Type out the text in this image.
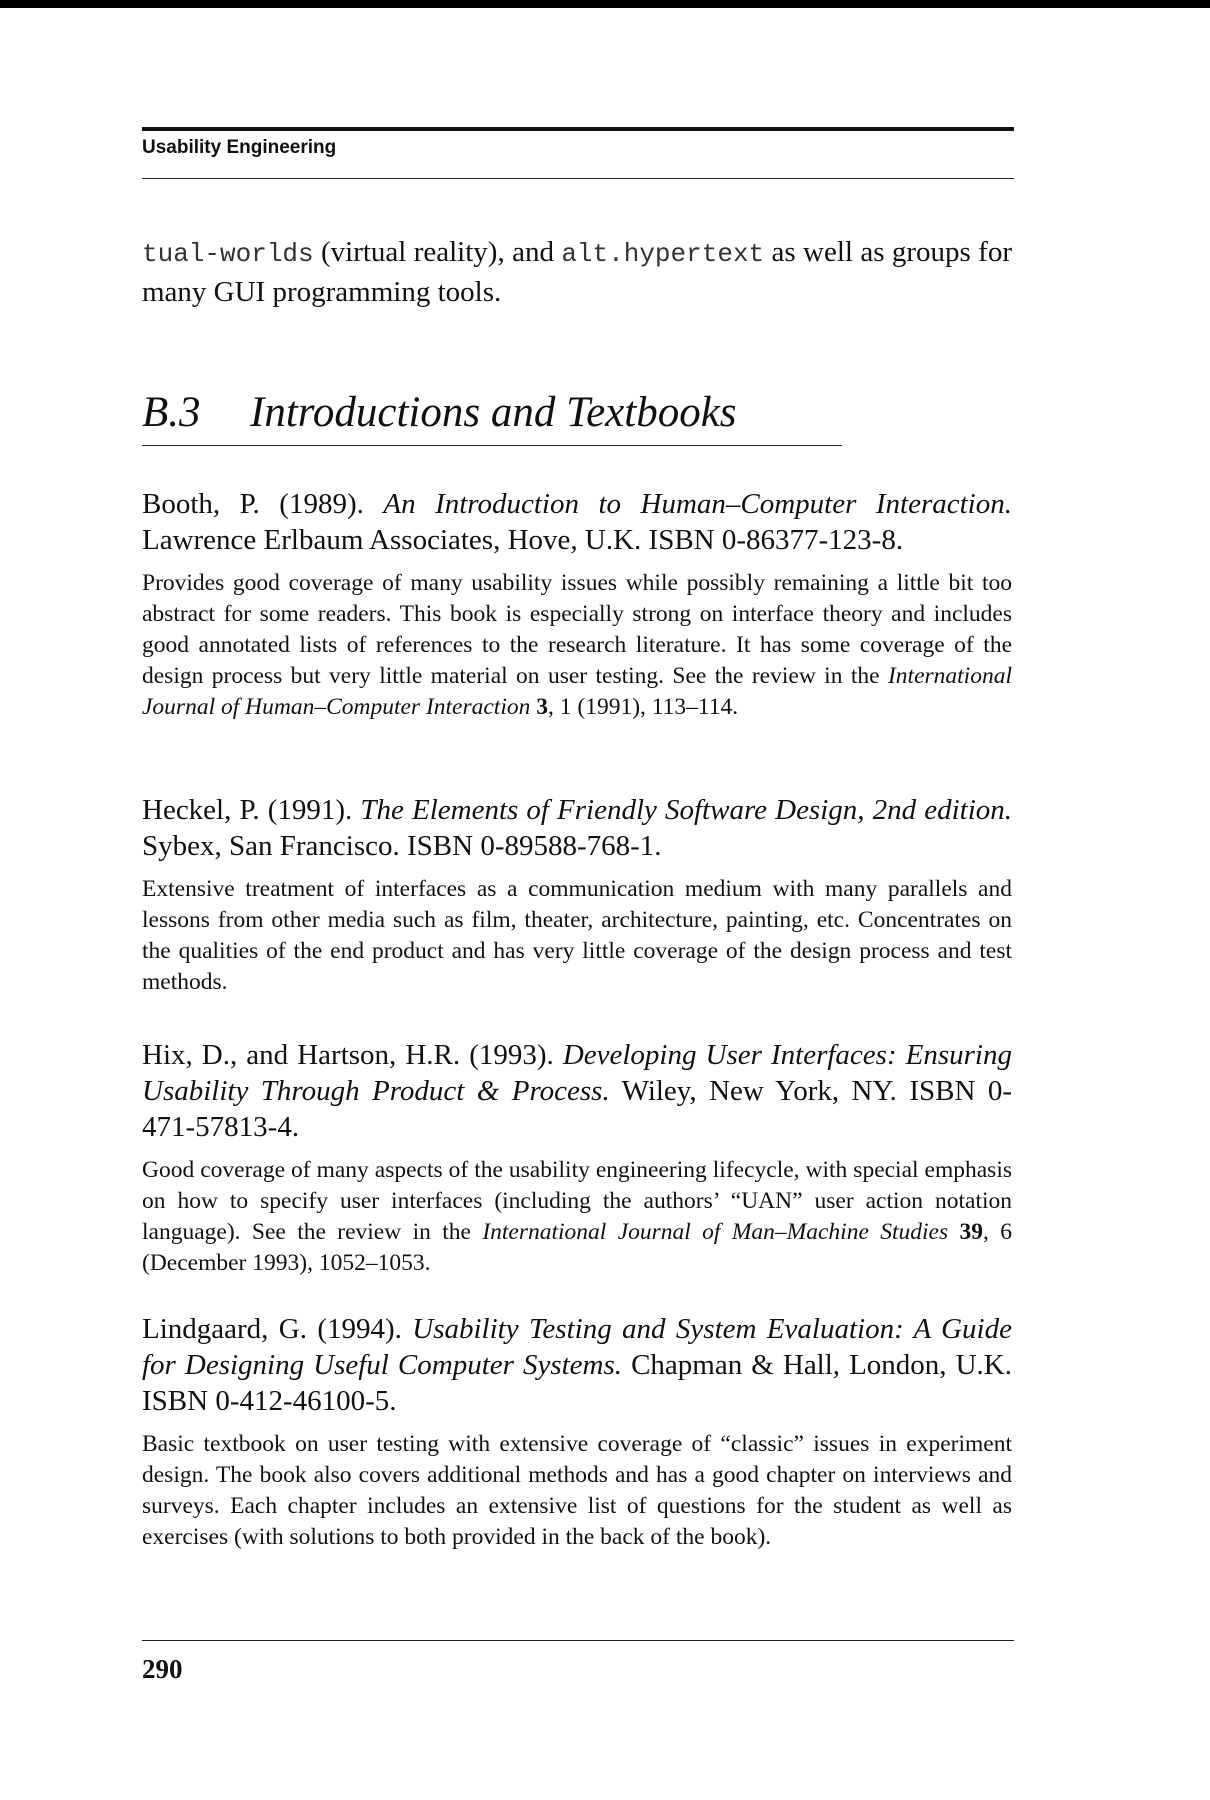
Usability Engineering
tual-worlds (virtual reality), and alt.hypertext as well as groups for many GUI programming tools.
B.3 Introductions and Textbooks

Booth, P. (1989). An Introduction to Human–Computer Interaction. Lawrence Erlbaum Associates, Hove, U.K. ISBN 0-86377-123-8.

Provides good coverage of many usability issues while possibly remaining a little bit too abstract for some readers. This book is especially strong on interface theory and includes good annotated lists of references to the research literature. It has some coverage of the design process but very little material on user testing. See the review in the International Journal of Human–Computer Interaction 3, 1 (1991), 113–114.

Heckel, P. (1991). The Elements of Friendly Software Design, 2nd edition. Sybex, San Francisco. ISBN 0-89588-768-1.

Extensive treatment of interfaces as a communication medium with many parallels and lessons from other media such as film, theater, architecture, painting, etc. Concentrates on the qualities of the end product and has very little coverage of the design process and test methods.

Hix, D., and Hartson, H.R. (1993). Developing User Interfaces: Ensuring Usability Through Product & Process. Wiley, New York, NY. ISBN 0-471-57813-4.

Good coverage of many aspects of the usability engineering lifecycle, with special emphasis on how to specify user interfaces (including the authors’ “UAN” user action notation language). See the review in the International Journal of Man–Machine Studies 39, 6 (December 1993), 1052–1053.

Lindgaard, G. (1994). Usability Testing and System Evaluation: A Guide for Designing Useful Computer Systems. Chapman & Hall, London, U.K. ISBN 0-412-46100-5.

Basic textbook on user testing with extensive coverage of “classic” issues in experiment design. The book also covers additional methods and has a good chapter on interviews and surveys. Each chapter includes an extensive list of questions for the student as well as exercises (with solutions to both provided in the back of the book).

290
